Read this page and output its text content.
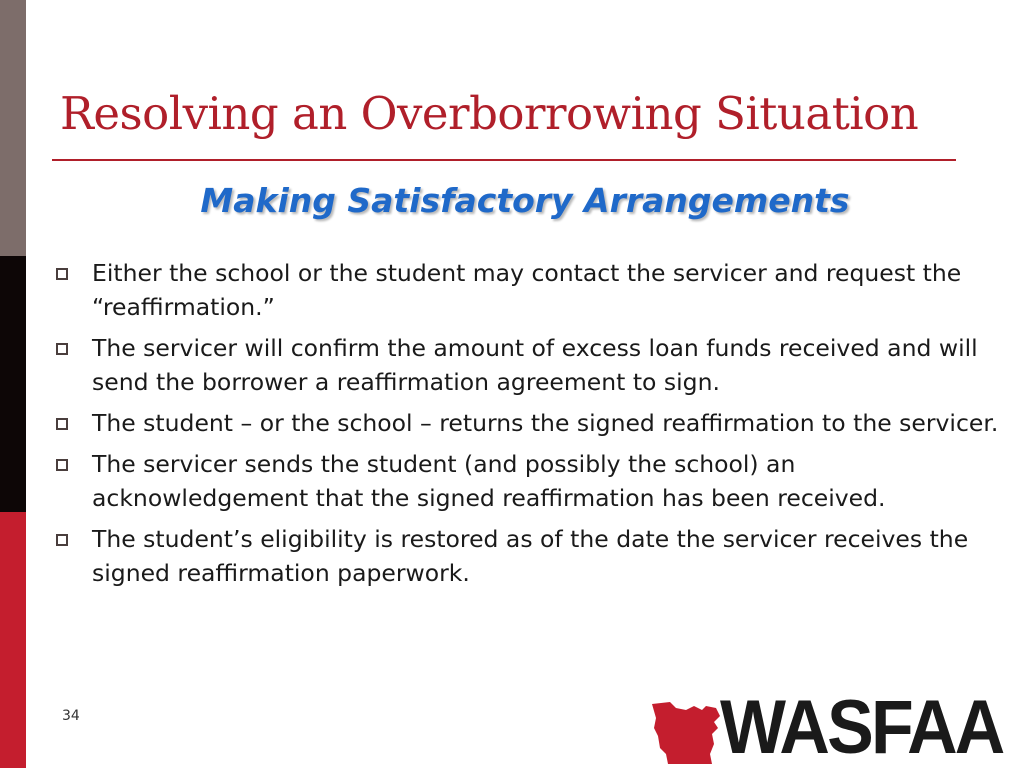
Resolving an Overborrowing Situation
Making Satisfactory Arrangements
Either the school or the student may contact the servicer and request the “reaffirmation.”
The servicer will confirm the amount of excess loan funds received and will send the borrower a reaffirmation agreement to sign.
The student – or the school – returns the signed reaffirmation to the servicer.
The servicer sends the student (and possibly the school) an acknowledgement that the signed reaffirmation has been received.
The student’s eligibility is restored as of the date the servicer receives the signed reaffirmation paperwork.
34	WASFAA
